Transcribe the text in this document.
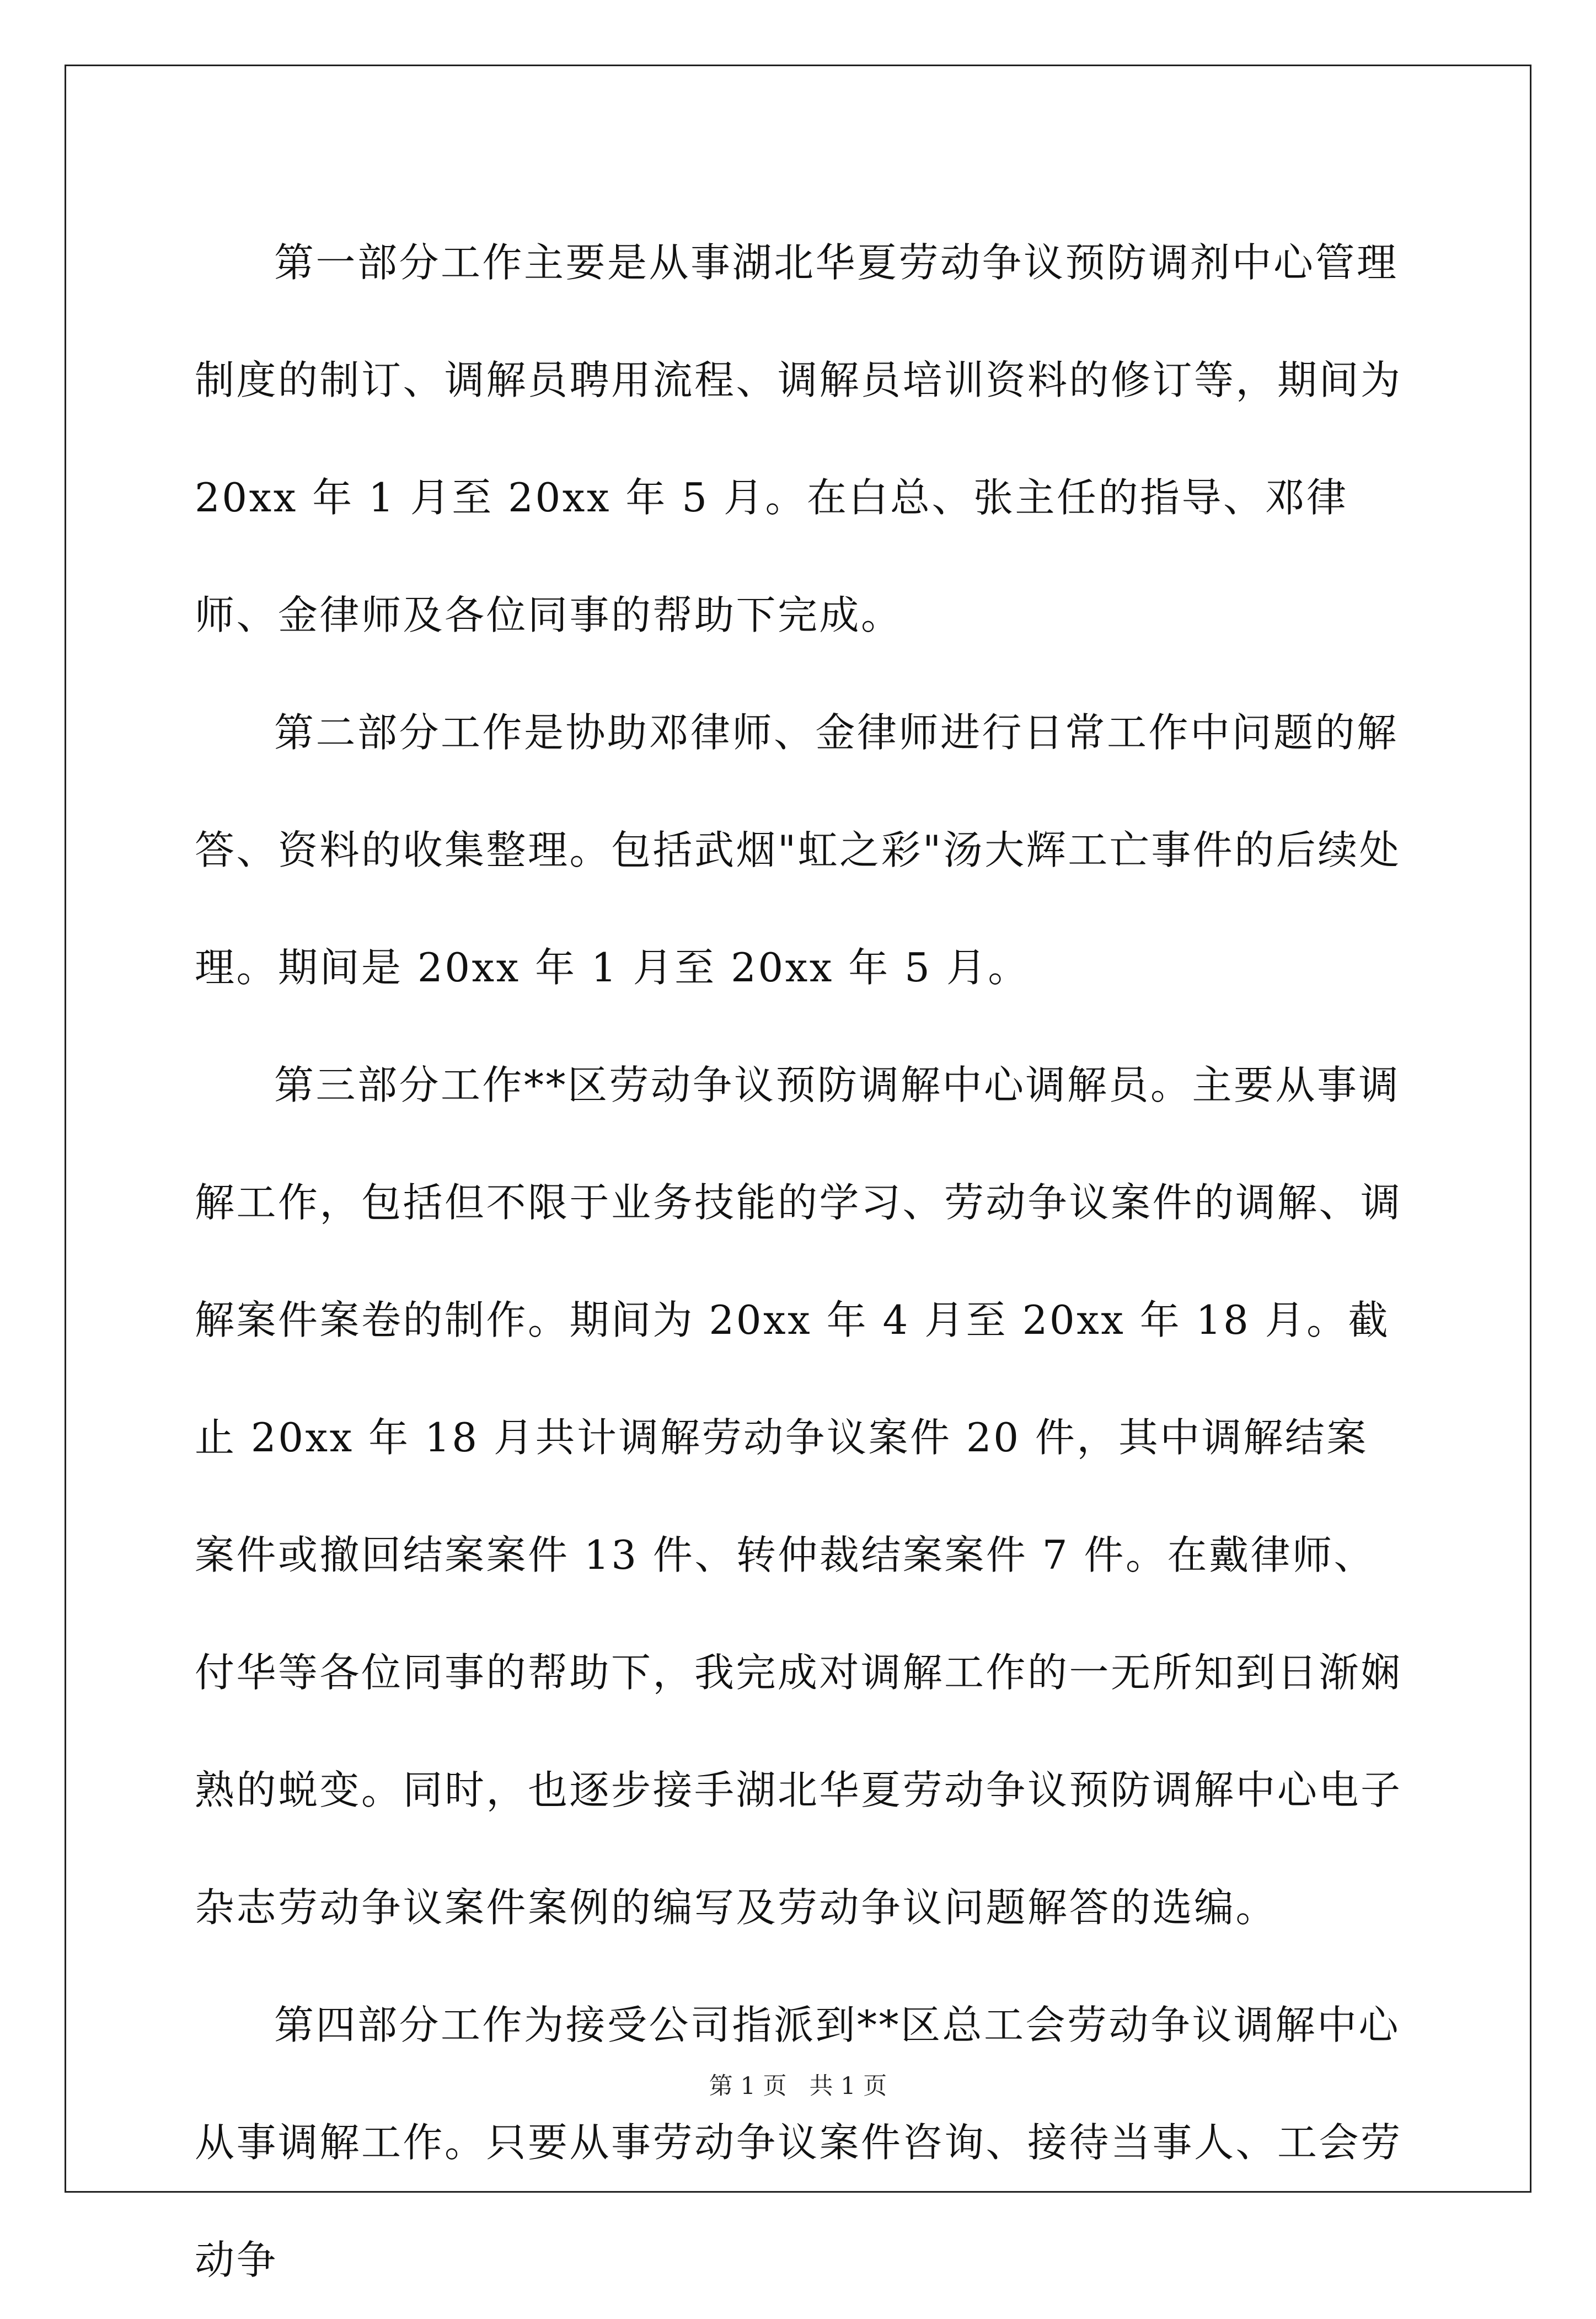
第一部分工作主要是从事湖北华夏劳动争议预防调剂中心管理制度的制订、调解员聘用流程、调解员培训资料的修订等，期间为 20xx 年 1 月至 20xx 年 5 月。在白总、张主任的指导、邓律师、金律师及各位同事的帮助下完成。

第二部分工作是协助邓律师、金律师进行日常工作中问题的解答、资料的收集整理。包括武烟"虹之彩"汤大辉工亡事件的后续处理。期间是 20xx 年 1 月至 20xx 年 5 月。

第三部分工作**区劳动争议预防调解中心调解员。主要从事调解工作，包括但不限于业务技能的学习、劳动争议案件的调解、调解案件案卷的制作。期间为 20xx 年 4 月至 20xx 年 18 月。截止 20xx 年 18 月共计调解劳动争议案件 20 件，其中调解结案案件或撤回结案案件 13 件、转仲裁结案案件 7 件。在戴律师、付华等各位同事的帮助下，我完成对调解工作的一无所知到日渐娴熟的蜕变。同时，也逐步接手湖北华夏劳动争议预防调解中心电子杂志劳动争议案件案例的编写及劳动争议问题解答的选编。

第四部分工作为接受公司指派到**区总工会劳动争议调解中心从事调解工作。只要从事劳动争议案件咨询、接待当事人、工会劳动争

第 1 页   共 1 页
